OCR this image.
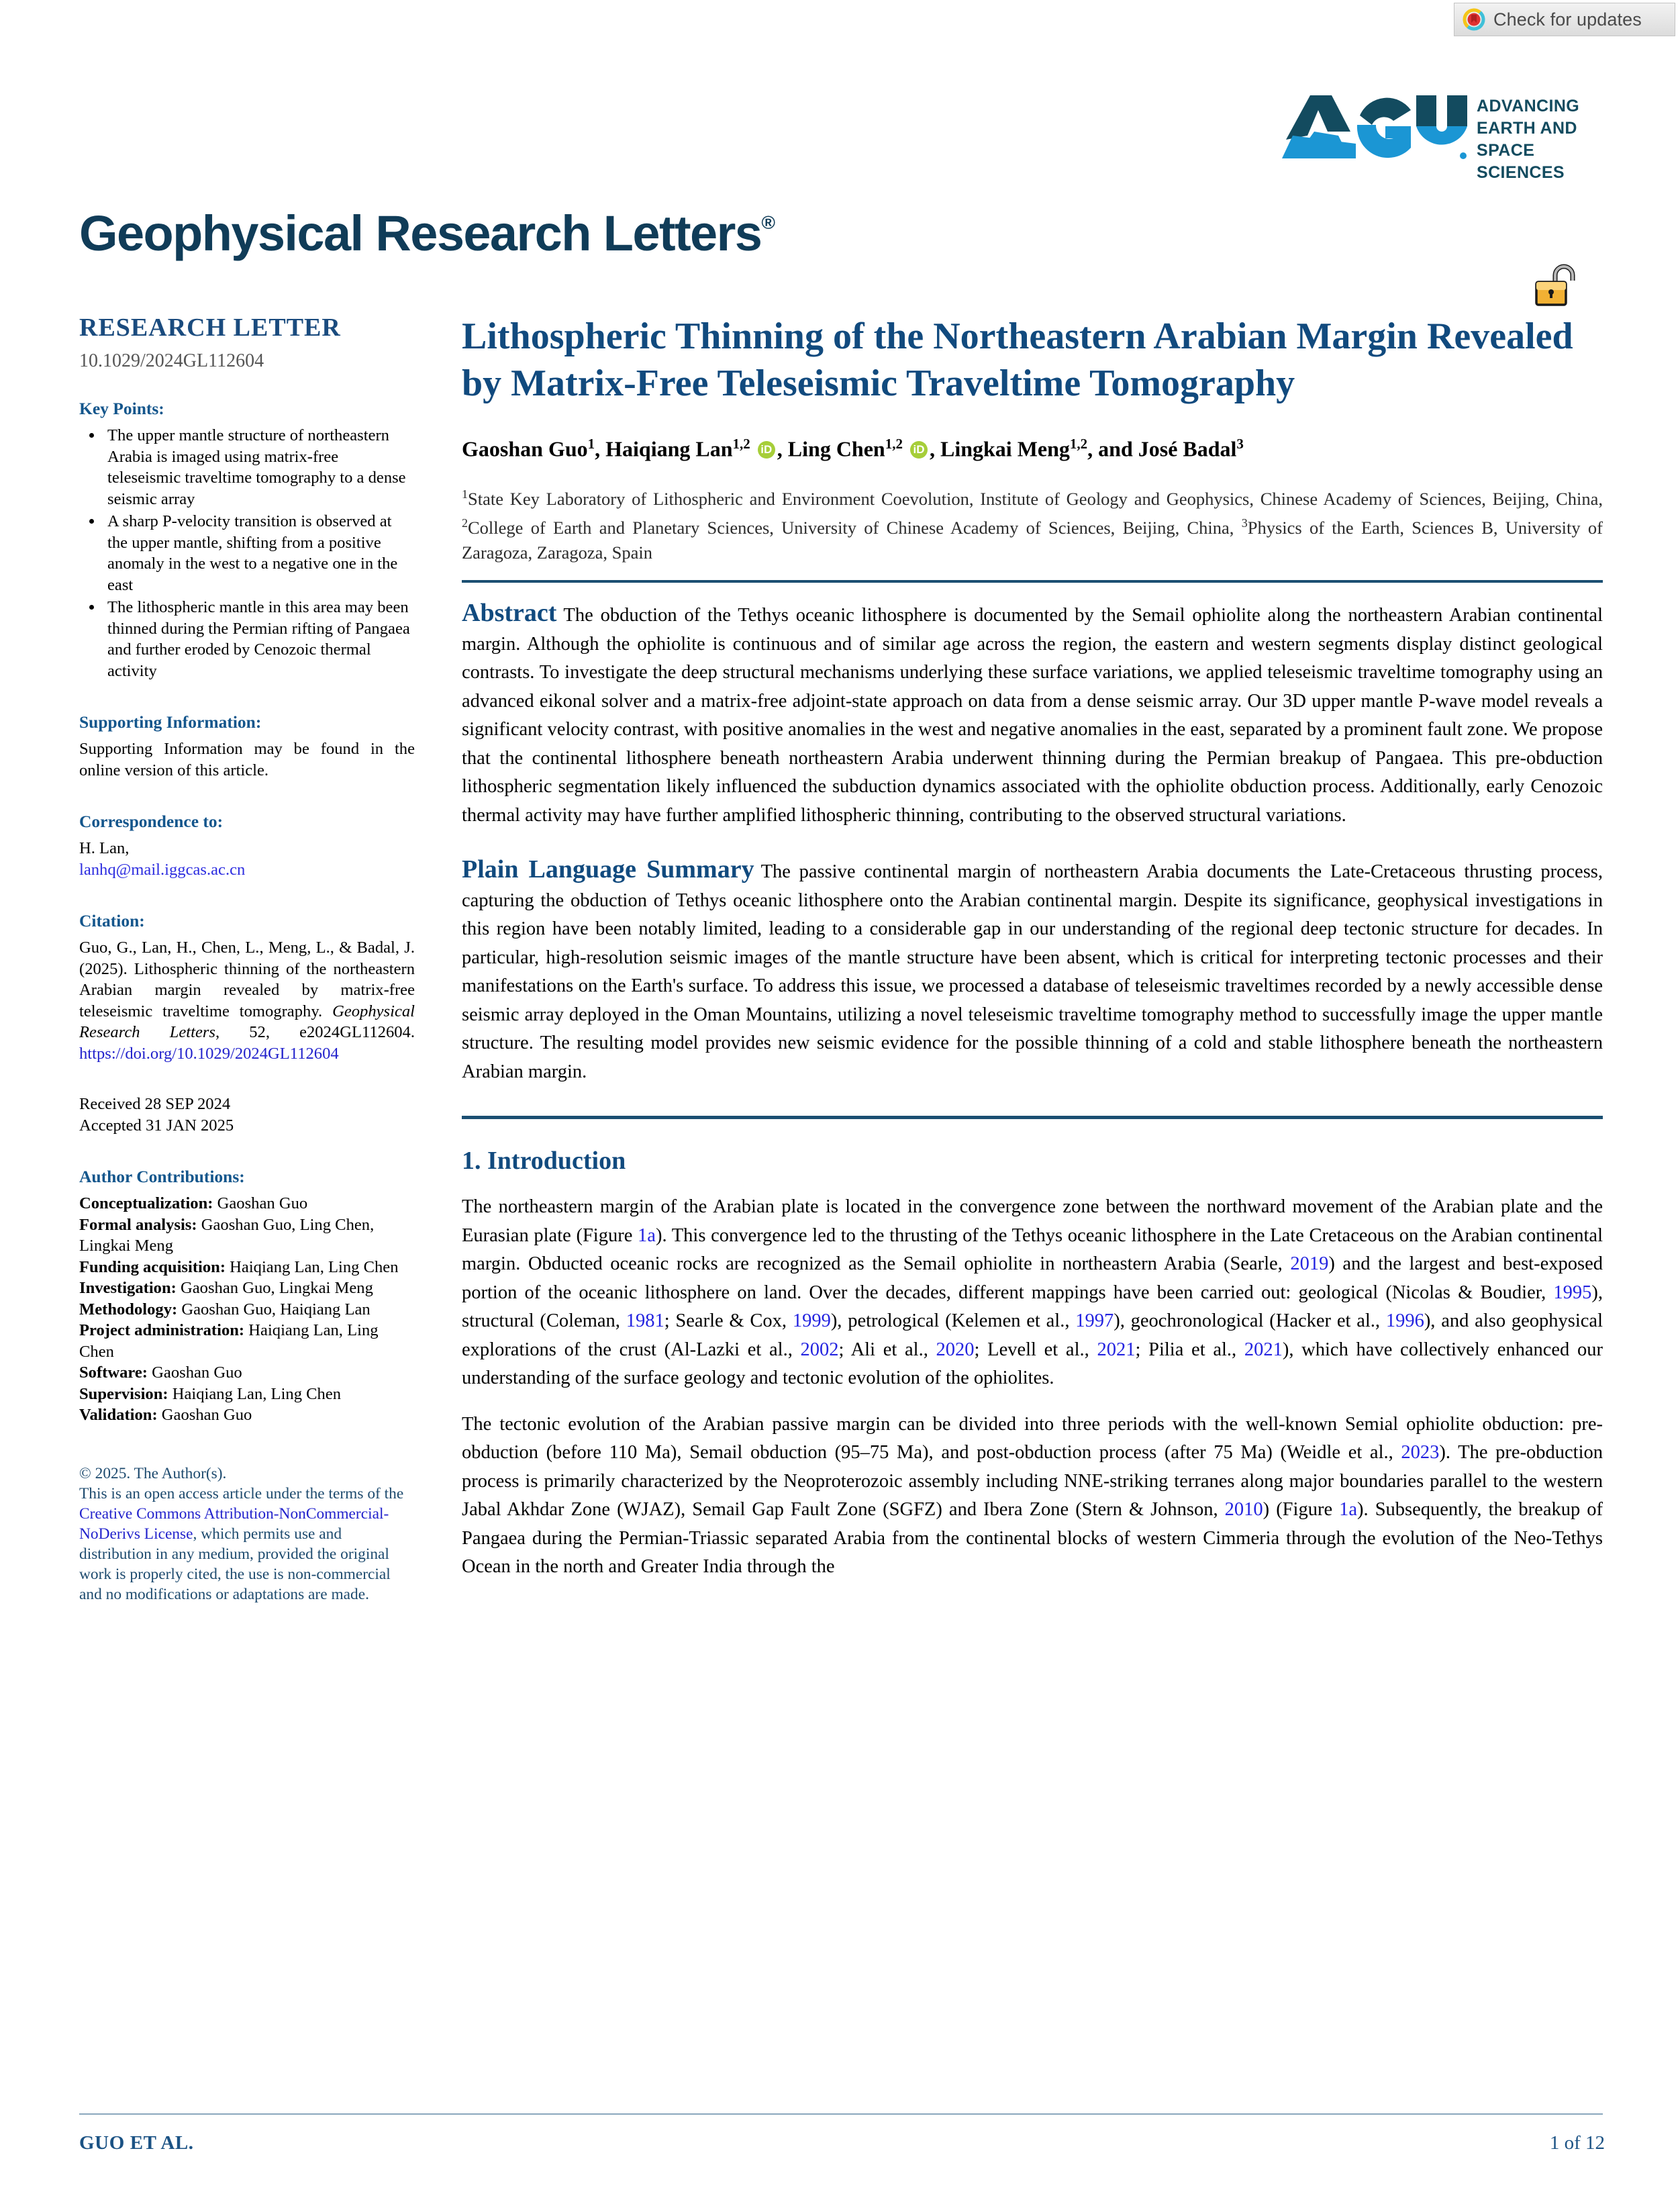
Check for updates
ADVANCING
EARTH AND
SPACE SCIENCES
Geophysical Research Letters®
RESEARCH LETTER
10.1029/2024GL112604
Key Points:
• The upper mantle structure of northeastern Arabia is imaged using matrix-free teleseismic traveltime tomography to a dense seismic array
• A sharp P-velocity transition is observed at the upper mantle, shifting from a positive anomaly in the west to a negative one in the east
• The lithospheric mantle in this area may been thinned during the Permian rifting of Pangaea and further eroded by Cenozoic thermal activity
Supporting Information:

Supporting Information may be found in the online version of this article.

Correspondence to:
H. Lan,
lanhq@mail.iggcas.ac.cn
Citation:
Guo, G., Lan, H., Chen, L., Meng, L., & Badal, J. (2025). Lithospheric thinning of the northeastern Arabian margin revealed by matrix-free teleseismic traveltime tomography. Geophysical Research Letters, 52, e2024GL112604. https://doi.org/10.1029/2024GL112604
Received 28 SEP 2024
Accepted 31 JAN 2025
Author Contributions:
Conceptualization: Gaoshan Guo
Formal analysis: Gaoshan Guo, Ling Chen, Lingkai Meng
Funding acquisition: Haiqiang Lan, Ling Chen
Investigation: Gaoshan Guo, Lingkai Meng
Methodology: Gaoshan Guo, Haiqiang Lan
Project administration: Haiqiang Lan, Ling Chen
Software: Gaoshan Guo
Supervision: Haiqiang Lan, Ling Chen
Validation: Gaoshan Guo
© 2025. The Author(s).
This is an open access article under the terms of the Creative Commons Attribution-NonCommercial-NoDerivs License, which permits use and distribution in any medium, provided the original work is properly cited, the use is non-commercial and no modifications or adaptations are made.
Lithospheric Thinning of the Northeastern Arabian Margin Revealed by Matrix-Free Teleseismic Traveltime Tomography
Gaoshan Guo$^1$, Haiqiang Lan$^{1,2}$ iD , Ling Chen$^{1,2}$ iD , Lingkai Meng$^{1,2}$, and José Badal$^3$
$^1$State Key Laboratory of Lithospheric and Environment Coevolution, Institute of Geology and Geophysics, Chinese Academy of Sciences, Beijing, China, $^2$College of Earth and Planetary Sciences, University of Chinese Academy of Sciences, Beijing, China, $^3$Physics of the Earth, Sciences B, University of Zaragoza, Zaragoza, Spain

Abstract The obduction of the Tethys oceanic lithosphere is documented by the Semail ophiolite along the northeastern Arabian continental margin. Although the ophiolite is continuous and of similar age across the region, the eastern and western segments display distinct geological contrasts. To investigate the deep structural mechanisms underlying these surface variations, we applied teleseismic traveltime tomography using an advanced eikonal solver and a matrix-free adjoint-state approach on data from a dense seismic array. Our 3D upper mantle P-wave model reveals a significant velocity contrast, with positive anomalies in the west and negative anomalies in the east, separated by a prominent fault zone. We propose that the continental lithosphere beneath northeastern Arabia underwent thinning during the Permian breakup of Pangaea. This pre-obduction lithospheric segmentation likely influenced the subduction dynamics associated with the ophiolite obduction process. Additionally, early Cenozoic thermal activity may have further amplified lithospheric thinning, contributing to the observed structural variations.

Plain Language Summary The passive continental margin of northeastern Arabia documents the Late-Cretaceous thrusting process, capturing the obduction of Tethys oceanic lithosphere onto the Arabian continental margin. Despite its significance, geophysical investigations in this region have been notably limited, leading to a considerable gap in our understanding of the regional deep tectonic structure for decades. In particular, high-resolution seismic images of the mantle structure have been absent, which is critical for interpreting tectonic processes and their manifestations on the Earth's surface. To address this issue, we processed a database of teleseismic traveltimes recorded by a newly accessible dense seismic array deployed in the Oman Mountains, utilizing a novel teleseismic traveltime tomography method to successfully image the upper mantle structure. The resulting model provides new seismic evidence for the possible thinning of a cold and stable lithosphere beneath the northeastern Arabian margin.

1. Introduction

The northeastern margin of the Arabian plate is located in the convergence zone between the northward movement of the Arabian plate and the Eurasian plate (Figure 1a). This convergence led to the thrusting of the Tethys oceanic lithosphere in the Late Cretaceous on the Arabian continental margin. Obducted oceanic rocks are recognized as the Semail ophiolite in northeastern Arabia (Searle, 2019) and the largest and best-exposed portion of the oceanic lithosphere on land. Over the decades, different mappings have been carried out: geological (Nicolas & Boudier, 1995), structural (Coleman, 1981; Searle & Cox, 1999), petrological (Kelemen et al., 1997), geochronological (Hacker et al., 1996), and also geophysical explorations of the crust (Al-Lazki et al., 2002; Ali et al., 2020; Levell et al., 2021; Pilia et al., 2021), which have collectively enhanced our understanding of the surface geology and tectonic evolution of the ophiolites.

The tectonic evolution of the Arabian passive margin can be divided into three periods with the well-known Semial ophiolite obduction: pre-obduction (before 110 Ma), Semail obduction (95–75 Ma), and post-obduction process (after 75 Ma) (Weidle et al., 2023). The pre-obduction process is primarily characterized by the Neoproterozoic assembly including NNE-striking terranes along major boundaries parallel to the western Jabal Akhdar Zone (WJAZ), Semail Gap Fault Zone (SGFZ) and Ibera Zone (Stern & Johnson, 2010) (Figure 1a). Subsequently, the breakup of Pangaea during the Permian-Triassic separated Arabia from the continental blocks of western Cimmeria through the evolution of the Neo-Tethys Ocean in the north and Greater India through the

GUO ET AL.	1 of 12
